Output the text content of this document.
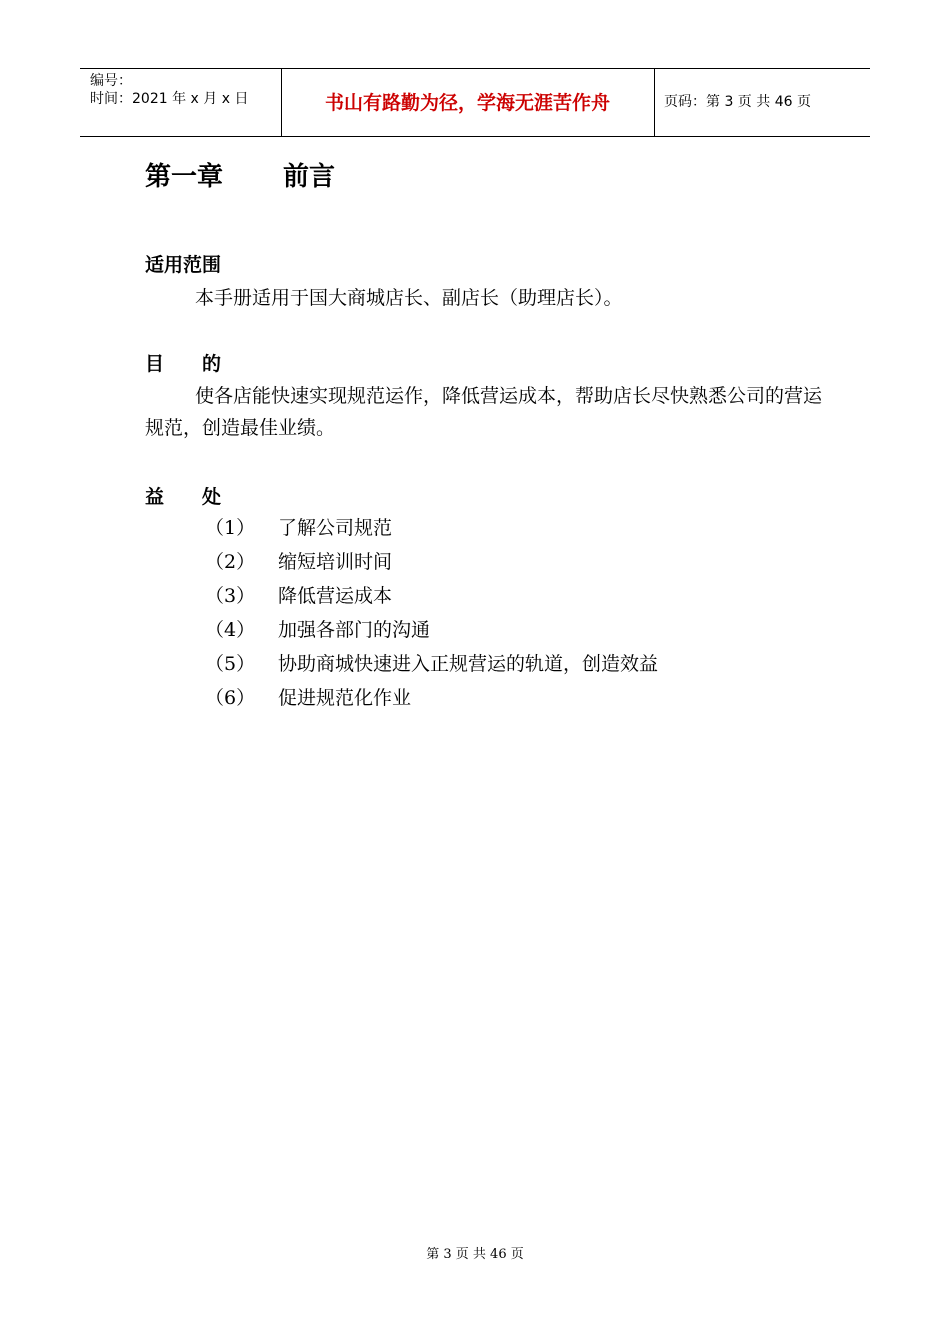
编号：
时间：2021 年 x 月 x 日	书山有路勤为径，学海无涯苦作舟	页码：第 3 页 共 46 页
第一章 前言
适用范围
本手册适用于国大商城店长、副店长（助理店长）。
目　　的
使各店能快速实现规范运作，降低营运成本，帮助店长尽快熟悉公司的营运规范，创造最佳业绩。
益　　处
（1） 了解公司规范
（2） 缩短培训时间
（3） 降低营运成本
（4） 加强各部门的沟通
（5） 协助商城快速进入正规营运的轨道，创造效益
（6） 促进规范化作业
第 3 页 共 46 页
